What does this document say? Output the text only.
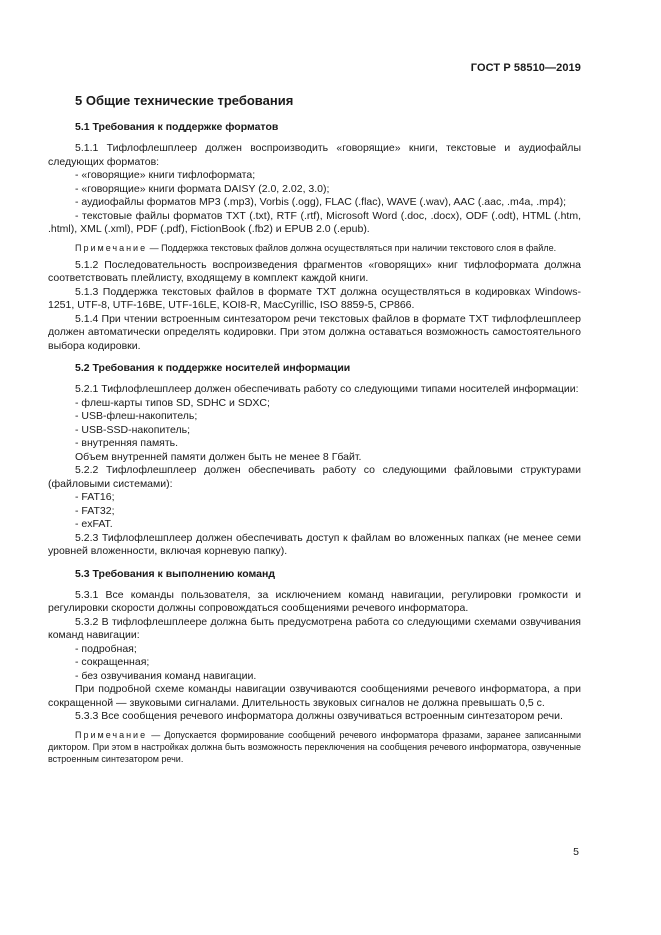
ГОСТ Р 58510—2019
5 Общие технические требования
5.1 Требования к поддержке форматов

5.1.1 Тифлофлешплеер должен воспроизводить «говорящие» книги, текстовые и аудиофайлы следующих форматов:

- «говорящие» книги тифлоформата;

- «говорящие» книги формата DAISY (2.0, 2.02, 3.0);

- аудиофайлы форматов MP3 (.mp3), Vorbis (.ogg), FLAC (.flac), WAVE (.wav), AAC (.aac, .m4a, .mp4);

- текстовые файлы форматов TXT (.txt), RTF (.rtf), Microsoft Word (.doc, .docx), ODF (.odt), HTML (.htm, .html), XML (.xml), PDF (.pdf), FictionBook (.fb2) и EPUB 2.0 (.epub).

Примечание — Поддержка текстовых файлов должна осуществляться при наличии текстового слоя в файле.

5.1.2 Последовательность воспроизведения фрагментов «говорящих» книг тифлоформата должна соответствовать плейлисту, входящему в комплект каждой книги.

5.1.3 Поддержка текстовых файлов в формате TXT должна осуществляться в кодировках Windows-1251, UTF-8, UTF-16BE, UTF-16LE, KOI8-R, MacCyrillic, ISO 8859-5, CP866.

5.1.4 При чтении встроенным синтезатором речи текстовых файлов в формате TXT тифлофлешплеер должен автоматически определять кодировки. При этом должна оставаться возможность самостоятельного выбора кодировки.

5.2 Требования к поддержке носителей информации

5.2.1 Тифлофлешплеер должен обеспечивать работу со следующими типами носителей информации:

- флеш-карты типов SD, SDHC и SDXC;

- USB-флеш-накопитель;

- USB-SSD-накопитель;

- внутренняя память.

Объем внутренней памяти должен быть не менее 8 Гбайт.

5.2.2 Тифлофлешплеер должен обеспечивать работу со следующими файловыми структурами (файловыми системами):

- FAT16;

- FAT32;

- exFAT.

5.2.3 Тифлофлешплеер должен обеспечивать доступ к файлам во вложенных папках (не менее семи уровней вложенности, включая корневую папку).

5.3 Требования к выполнению команд

5.3.1 Все команды пользователя, за исключением команд навигации, регулировки громкости и регулировки скорости должны сопровождаться сообщениями речевого информатора.

5.3.2 В тифлофлешплеере должна быть предусмотрена работа со следующими схемами озвучивания команд навигации:

- подробная;

- сокращенная;

- без озвучивания команд навигации.

При подробной схеме команды навигации озвучиваются сообщениями речевого информатора, а при сокращенной — звуковыми сигналами. Длительность звуковых сигналов не должна превышать 0,5 с.

5.3.3 Все сообщения речевого информатора должны озвучиваться встроенным синтезатором речи.

Примечание — Допускается формирование сообщений речевого информатора фразами, заранее записанными диктором. При этом в настройках должна быть возможность переключения на сообщения речевого информатора, озвученные встроенным синтезатором речи.

5
